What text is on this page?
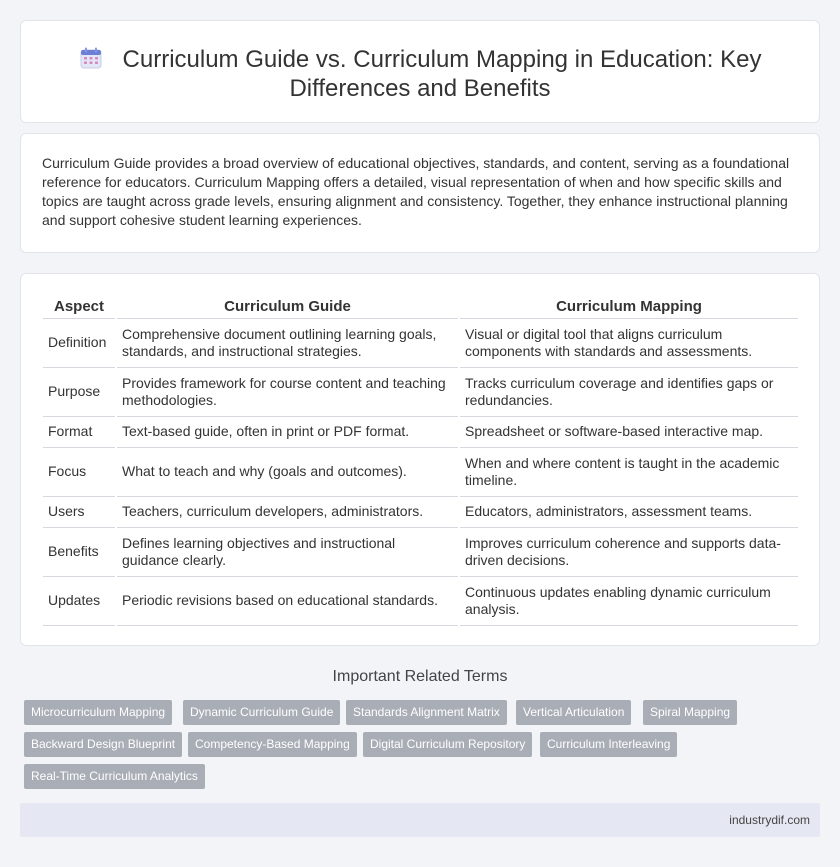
Curriculum Guide vs. Curriculum Mapping in Education: Key Differences and Benefits

Curriculum Guide provides a broad overview of educational objectives, standards, and content, serving as a foundational reference for educators. Curriculum Mapping offers a detailed, visual representation of when and how specific skills and topics are taught across grade levels, ensuring alignment and consistency. Together, they enhance instructional planning and support cohesive student learning experiences.

Aspect	Curriculum Guide	Curriculum Mapping
Definition	Comprehensive document outlining learning goals, standards, and instructional strategies.	Visual or digital tool that aligns curriculum components with standards and assessments.
Purpose	Provides framework for course content and teaching methodologies.	Tracks curriculum coverage and identifies gaps or redundancies.
Format	Text-based guide, often in print or PDF format.	Spreadsheet or software-based interactive map.
Focus	What to teach and why (goals and outcomes).	When and where content is taught in the academic timeline.
Users	Teachers, curriculum developers, administrators.	Educators, administrators, assessment teams.
Benefits	Defines learning objectives and instructional guidance clearly.	Improves curriculum coherence and supports data-driven decisions.
Updates	Periodic revisions based on educational standards.	Continuous updates enabling dynamic curriculum analysis.
Important Related Terms
Microcurriculum Mapping	Dynamic Curriculum Guide	Standards Alignment Matrix	Vertical Articulation	Spiral Mapping
Backward Design Blueprint	Competency-Based Mapping	Digital Curriculum Repository	Curriculum Interleaving
Real-Time Curriculum Analytics
industrydif.com
